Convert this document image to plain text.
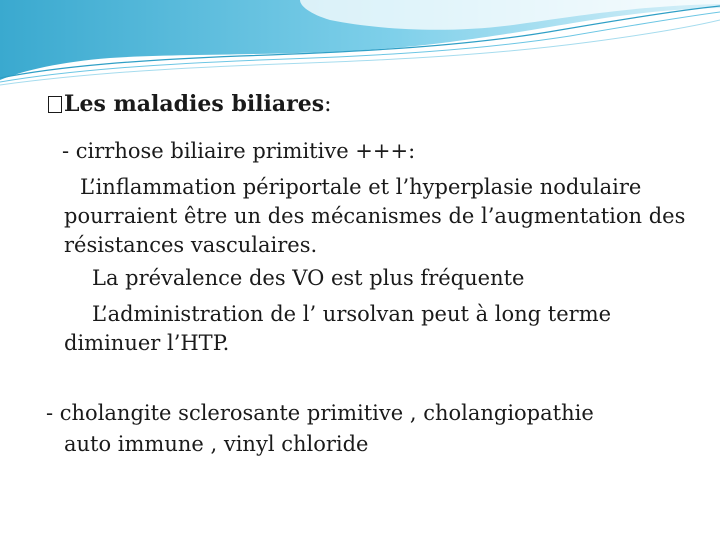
Les maladies biliares:
- cirrhose biliaire primitive +++:
L’inflammation périportale et l’hyperplasie nodulaire
pourraient être un des mécanismes de l’augmentation des
résistances vasculaires.
La prévalence des VO est plus fréquente
L’administration de l’ ursolvan peut à long terme
diminuer l’HTP.
- cholangite sclerosante primitive , cholangiopathie
auto immune , vinyl chloride
